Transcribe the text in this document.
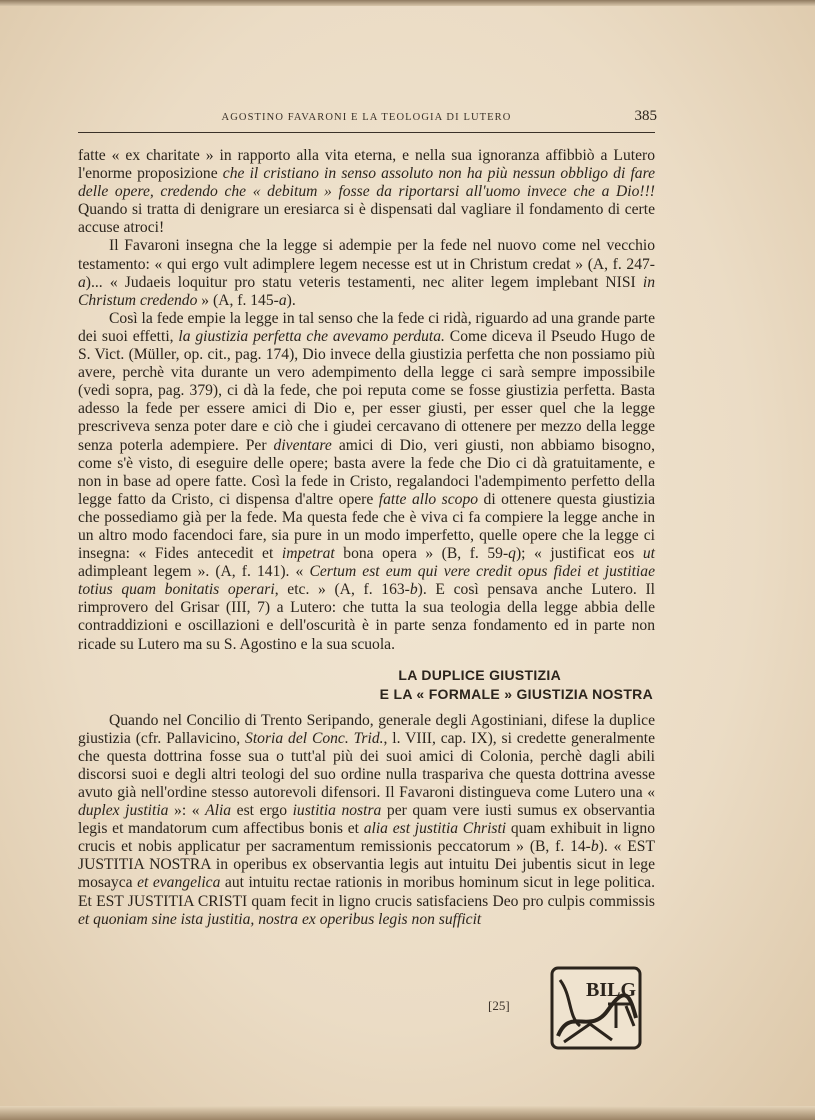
AGOSTINO FAVARONI E LA TEOLOGIA DI LUTERO	385

fatte « ex charitate » in rapporto alla vita eterna, e nella sua ignoranza affibbiò a Lutero l'enorme proposizione che il cristiano in senso assoluto non ha più nessun obbligo di fare delle opere, credendo che « debitum » fosse da riportarsi all'uomo invece che a Dio!!! Quando si tratta di denigrare un eresiarca si è dispensati dal vagliare il fondamento di certe accuse atroci!

Il Favaroni insegna che la legge si adempie per la fede nel nuovo come nel vecchio testamento: « qui ergo vult adimplere legem necesse est ut in Christum credat » (A, f. 247-a)... « Judaeis loquitur pro statu veteris testamenti, nec aliter legem implebant NISI in Christum credendo » (A, f. 145-a).

Così la fede empie la legge in tal senso che la fede ci ridà, riguardo ad una grande parte dei suoi effetti, la giustizia perfetta che avevamo perduta. Come diceva il Pseudo Hugo de S. Vict. (Müller, op. cit., pag. 174), Dio invece della giustizia perfetta che non possiamo più avere, perchè vita durante un vero adempimento della legge ci sarà sempre impossibile (vedi sopra, pag. 379), ci dà la fede, che poi reputa come se fosse giustizia perfetta. Basta adesso la fede per essere amici di Dio e, per esser giusti, per esser quel che la legge prescriveva senza poter dare e ciò che i giudei cercavano di ottenere per mezzo della legge senza poterla adempiere. Per diventare amici di Dio, veri giusti, non abbiamo bisogno, come s'è visto, di eseguire delle opere; basta avere la fede che Dio ci dà gratuitamente, e non in base ad opere fatte. Così la fede in Cristo, regalandoci l'adempimento perfetto della legge fatto da Cristo, ci dispensa d'altre opere fatte allo scopo di ottenere questa giustizia che possediamo già per la fede. Ma questa fede che è viva ci fa compiere la legge anche in un altro modo facendoci fare, sia pure in un modo imperfetto, quelle opere che la legge ci insegna: « Fides antecedit et impetrat bona opera » (B, f. 59-q); « justificat eos ut adimpleant legem ». (A, f. 141). « Certum est eum qui vere credit opus fidei et justitiae totius quam bonitatis operari, etc. » (A, f. 163-b). E così pensava anche Lutero. Il rimprovero del Grisar (III, 7) a Lutero: che tutta la sua teologia della legge abbia delle contraddizioni e oscillazioni e dell'oscurità è in parte senza fondamento ed in parte non ricade su Lutero ma su S. Agostino e la sua scuola.

LA DUPLICE GIUSTIZIA
E LA « FORMALE » GIUSTIZIA NOSTRA

Quando nel Concilio di Trento Seripando, generale degli Agostiniani, difese la duplice giustizia (cfr. Pallavicino, Storia del Conc. Trid., l. VIII, cap. IX), si credette generalmente che questa dottrina fosse sua o tutt'al più dei suoi amici di Colonia, perchè dagli abili discorsi suoi e degli altri teologi del suo ordine nulla traspariva che questa dottrina avesse avuto già nell'ordine stesso autorevoli difensori. Il Favaroni distingueva come Lutero una « duplex justitia »: « Alia est ergo iustitia nostra per quam vere iusti sumus ex observantia legis et mandatorum cum affectibus bonis et alia est justitia Christi quam exhibuit in ligno crucis et nobis applicatur per sacramentum remissionis peccatorum » (B, f. 14-b). « EST JUSTITIA NOSTRA in operibus ex observantia legis aut intuitu Dei jubentis sicut in lege mosayca et evangelica aut intuitu rectae rationis in moribus hominum sicut in lege politica. Et EST JUSTITIA CRISTI quam fecit in ligno crucis satisfaciens Deo pro culpis commissis et quoniam sine ista justitia, nostra ex operibus legis non sufficit

[25]
BILG
